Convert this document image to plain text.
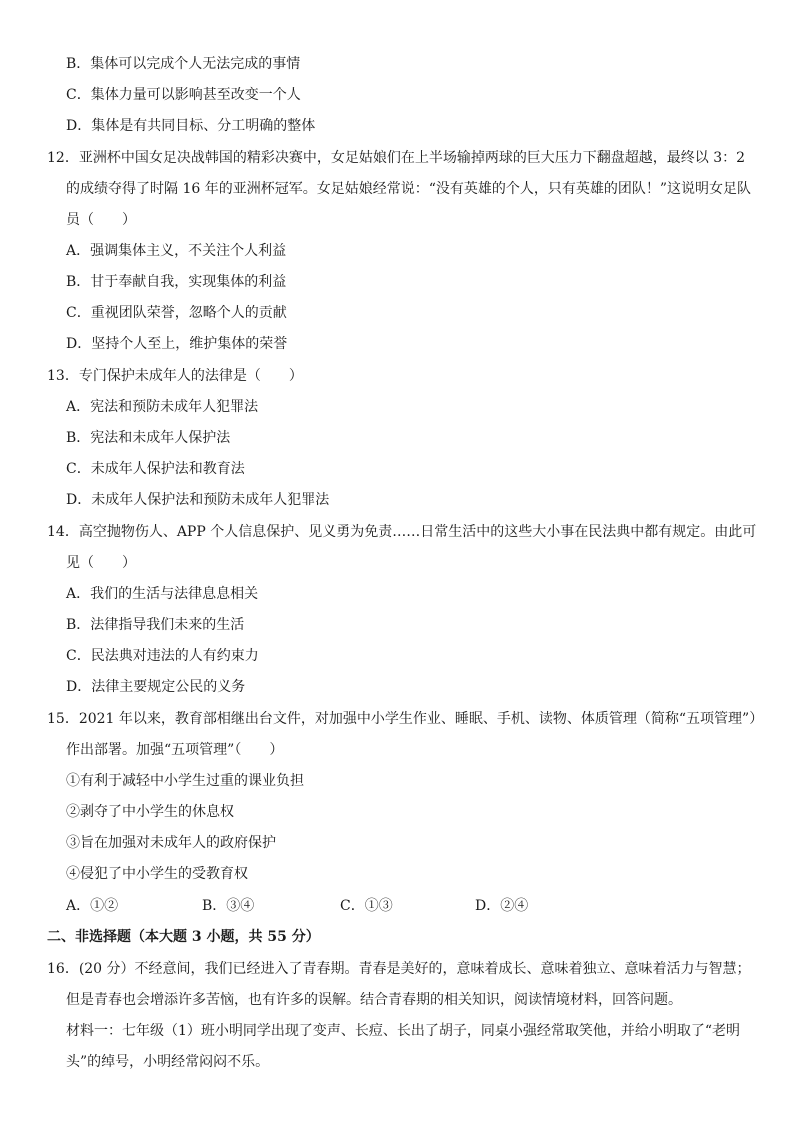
B．集体可以完成个人无法完成的事情
C．集体力量可以影响甚至改变一个人
D．集体是有共同目标、分工明确的整体
12．亚洲杯中国女足决战韩国的精彩决赛中，女足姑娘们在上半场输掉两球的巨大压力下翻盘超越，最终以 3：2
的成绩夺得了时隔 16 年的亚洲杯冠军。女足姑娘经常说：“没有英雄的个人，只有英雄的团队！”这说明女足队
员（　　）
A．强调集体主义，不关注个人利益
B．甘于奉献自我，实现集体的利益
C．重视团队荣誉，忽略个人的贡献
D．坚持个人至上，维护集体的荣誉
13．专门保护未成年人的法律是（　　）
A．宪法和预防未成年人犯罪法
B．宪法和未成年人保护法
C．未成年人保护法和教育法
D．未成年人保护法和预防未成年人犯罪法
14．高空抛物伤人、APP 个人信息保护、见义勇为免责……日常生活中的这些大小事在民法典中都有规定。由此可
见（　　）
A．我们的生活与法律息息相关
B．法律指导我们未来的生活
C．民法典对违法的人有约束力
D．法律主要规定公民的义务
15．2021 年以来，教育部相继出台文件，对加强中小学生作业、睡眠、手机、读物、体质管理（简称“五项管理”）
作出部署。加强“五项管理”（　　）
①有利于减轻中小学生过重的课业负担
②剥夺了中小学生的休息权
③旨在加强对未成年人的政府保护
④侵犯了中小学生的受教育权
A．①②	B．③④	C．①③	D．②④
二、非选择题（本大题 3 小题，共 55 分）
16．(20 分）不经意间，我们已经进入了青春期。青春是美好的，意味着成长、意味着独立、意味着活力与智慧；
但是青春也会增添许多苦恼，也有许多的误解。结合青春期的相关知识，阅读情境材料，回答问题。
材料一：七年级（1）班小明同学出现了变声、长痘、长出了胡子，同桌小强经常取笑他，并给小明取了“老明
头”的绰号，小明经常闷闷不乐。
